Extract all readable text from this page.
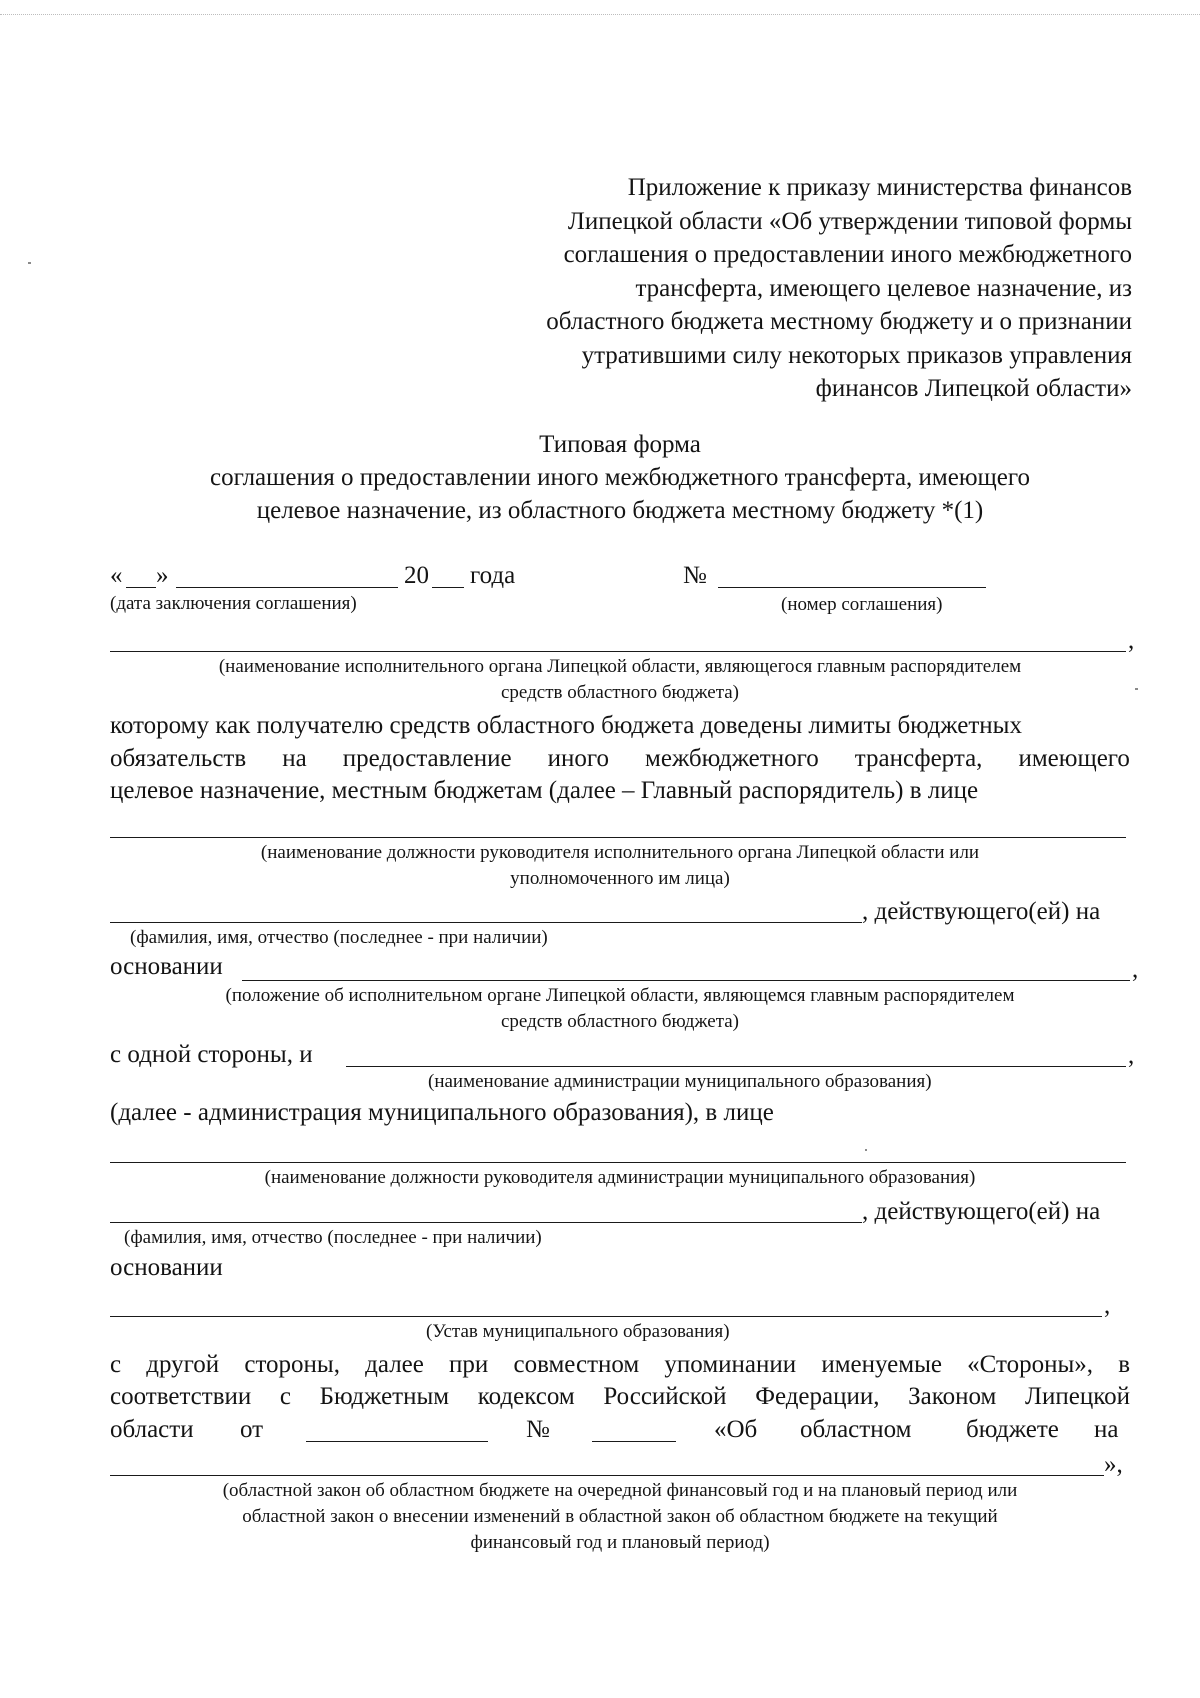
Приложение к приказу министерства финансов
Липецкой области «Об утверждении типовой формы
соглашения о предоставлении иного межбюджетного
трансферта, имеющего целевое назначение, из
областного бюджета местному бюджету и о признании
утратившими силу некоторых приказов управления
финансов Липецкой области»
Типовая форма
соглашения о предоставлении иного межбюджетного трансферта, имеющего
целевое назначение, из областного бюджета местному бюджету *(1)
« »	20 года	№
(дата заключения соглашения)	(номер соглашения)
,
(наименование исполнительного органа Липецкой области, являющегося главным распорядителем
средств областного бюджета)
которому как получателю средств областного бюджета доведены лимиты бюджетных
обязательств на предоставление иного межбюджетного трансферта, имеющего
целевое назначение, местным бюджетам (далее – Главный распорядитель) в лице
(наименование должности руководителя исполнительного органа Липецкой области или
уполномоченного им лица)
, действующего(ей) на
(фамилия, имя, отчество (последнее - при наличии)
основании	,
(положение об исполнительном органе Липецкой области, являющемся главным распорядителем
средств областного бюджета)
с одной стороны, и	,
(наименование администрации муниципального образования)
(далее - администрация муниципального образования), в лице
(наименование должности руководителя администрации муниципального образования)
, действующего(ей) на
(фамилия, имя, отчество (последнее - при наличии)
основании
,
(Устав муниципального образования)
с другой стороны, далее при совместном упоминании именуемые «Стороны», в
соответствии с Бюджетным кодексом Российской Федерации, Законом Липецкой
области от	№	«Об областном бюджете на
»,
(областной закон об областном бюджете на очередной финансовый год и на плановый период или
областной закон о внесении изменений в областной закон об областном бюджете на текущий
финансовый год и плановый период)
